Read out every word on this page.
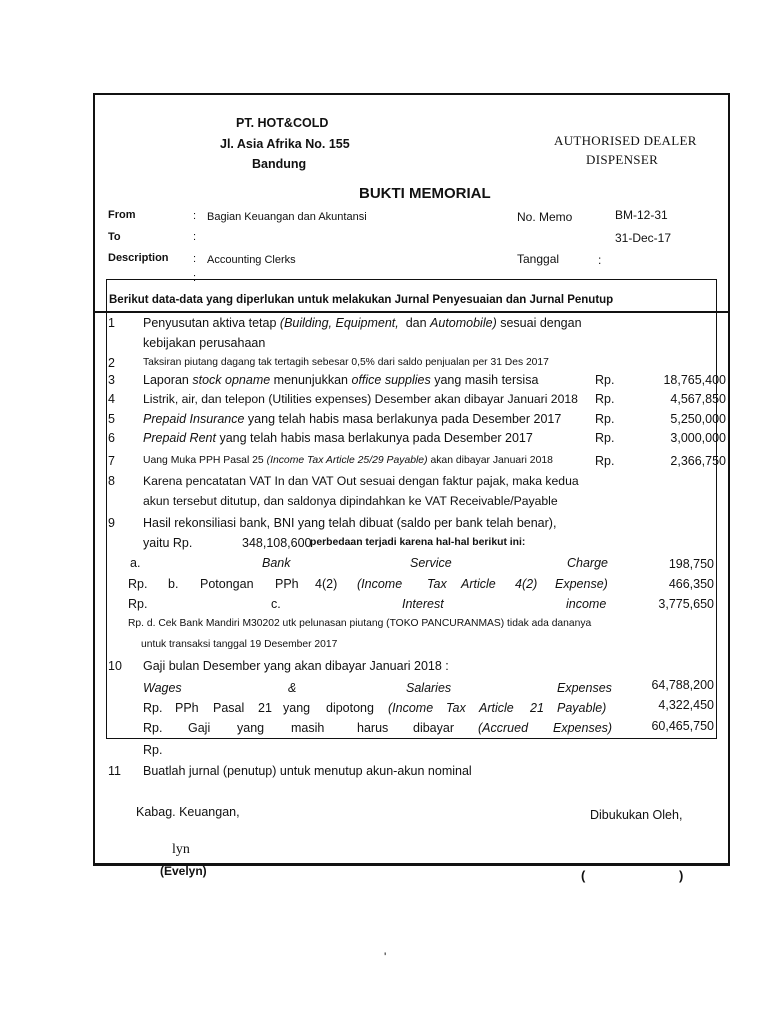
PT. HOT&COLD
Jl. Asia Afrika No. 155
Bandung
AUTHORISED DEALER
DISPENSER
BUKTI MEMORIAL
From	: Bagian Keuangan dan Akuntansi
To	:
Description : Accounting Clerks
:
No. Memo	BM-12-31
31-Dec-17
Tanggal	:
Berikut data-data yang diperlukan untuk melakukan Jurnal Penyesuaian dan Jurnal Penutup
1 Penyusutan aktiva tetap (Building, Equipment, dan Automobile) sesuai dengan
kebijakan perusahaan
2	Taksiran piutang dagang tak tertagih sebesar 0,5% dari saldo penjualan per 31 Des 2017
3 Laporan stock opname menunjukkan office supplies yang masih tersisa	Rp.	18,765,400
4 Listrik, air, dan telepon (Utilities expenses) Desember akan dibayar Januari 2018 Rp.	4,567,850
5 Prepaid Insurance yang telah habis masa berlakunya pada Desember 2017	Rp.	5,250,000
6 Prepaid Rent yang telah habis masa berlakunya pada Desember 2017	Rp.	3,000,000
7	Uang Muka PPH Pasal 25 (Income Tax Article 25/29 Payable) akan dibayar Januari 2018	Rp.	2,366,750
8 Karena pencatatan VAT In dan VAT Out sesuai dengan faktur pajak, maka kedua
akun tersebut ditutup, dan saldonya dipindahkan ke VAT Receivable/Payable
9 Hasil rekonsiliasi bank, BNI yang telah dibuat (saldo per bank telah benar),
yaitu Rp.	348,108,600
perbedaan terjadi karena hal-hal berikut ini:
a.	Bank	Service	Charge	198,750
Rp. b. Potongan PPh 4(2) (Income Tax Article 4(2) Expense)	466,350
Rp.	c.	Interest	income	3,775,650
Rp. d. Cek Bank Mandiri M30202 utk pelunasan piutang (TOKO PANCURANMAS) tidak ada dananya
untuk transaksi tanggal 19 Desember 2017
10 Gaji bulan Desember yang akan dibayar Januari 2018 :
Wages	&	Salaries	Expenses	64,788,200
Rp. PPh Pasal 21 yang dipotong (Income Tax Article 21 Payable)	4,322,450
Rp. Gaji yang masih	harus dibayar (Accrued Expenses)	60,465,750
Rp.
11 Buatlah jurnal (penutup) untuk menutup akun-akun nominal
Kabag. Keuangan,
lyn
(Evelyn)
Dibukukan Oleh,
(	)
'
